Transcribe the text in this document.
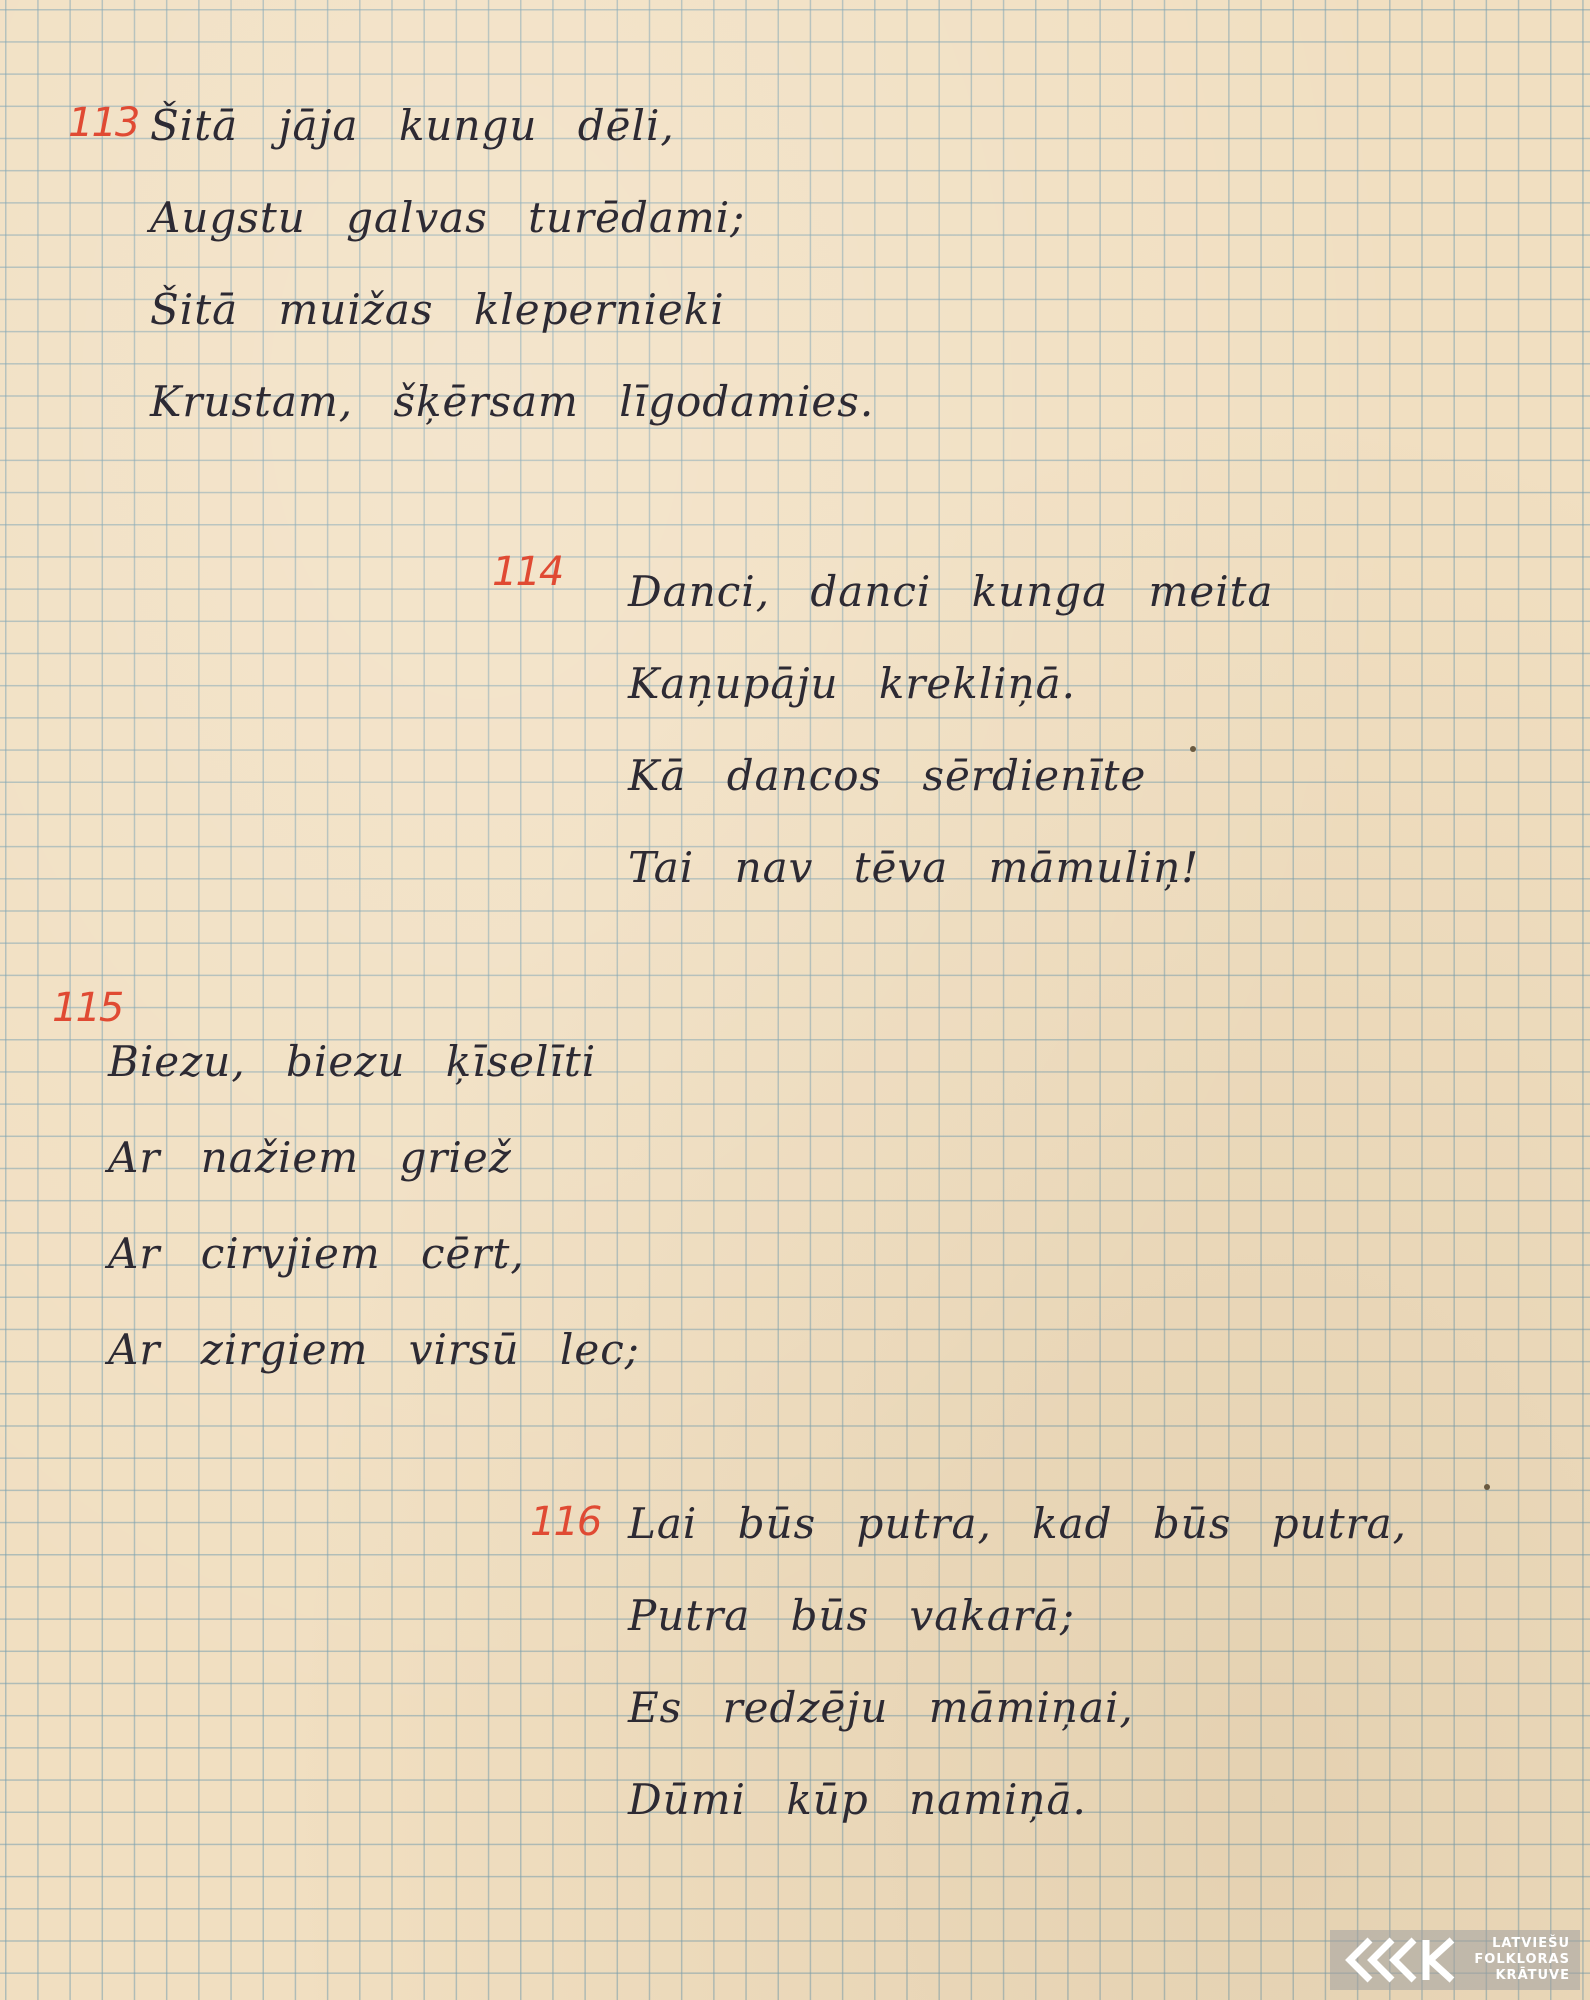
113 Šitā jāja kungu dēli,
Augstu galvas turēdami;
Šitā muižas klepernieki
Krustam, šķērsam līgodamies.
114 Danci, danci kunga meita
Kaņupāju krekliņā.
Kā dancos sērdienīte
Tai nav tēva māmuliņ!
115
Biezu, biezu ķīselīti
Ar nažiem griež
Ar cirvjiem cērt,
Ar zirgiem virsū lec;
116 Lai būs putra, kad būs putra,
Putra būs vakarā;
Es redzēju māmiņai,
Dūmi kūp namiņā.
LATVIEŠU
FOLKLORAS
KRĀTUVE
